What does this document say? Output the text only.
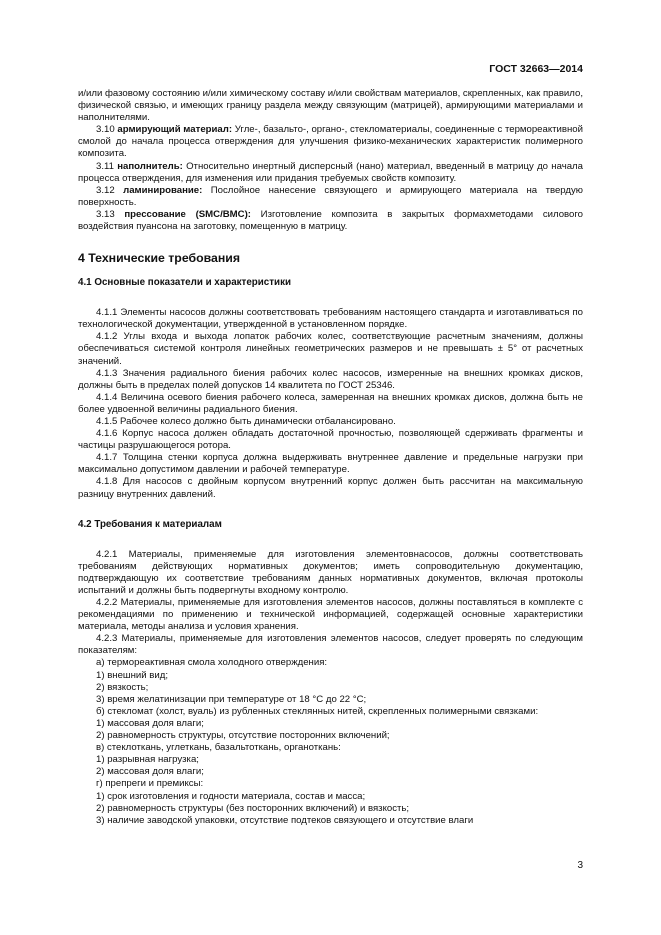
ГОСТ 32663—2014

и/или фазовому состоянию и/или химическому составу и/или свойствам материалов, скрепленных, как правило, физической связью, и имеющих границу раздела между связующим (матрицей), армирующими материалами и наполнителями.

3.10 армирующий материал: Угле-, базальто-, органо-, стекломатериалы, соединенные с термореактивной смолой до начала процесса отверждения для улучшения физико-механических характеристик полимерного композита.

3.11 наполнитель: Относительно инертный дисперсный (нано) материал, введенный в матрицу до начала процесса отверждения, для изменения или придания требуемых свойств композиту.

3.12 ламинирование: Послойное нанесение связующего и армирующего материала на твердую поверхность.

3.13 прессование (SMC/BMC): Изготовление композита в закрытых формахметодами силового воздействия пуансона на заготовку, помещенную в матрицу.

4 Технические требования
4.1 Основные показатели и характеристики

4.1.1 Элементы насосов должны соответствовать требованиям настоящего стандарта и изготавливаться по технологической документации, утвержденной в установленном порядке.

4.1.2 Углы входа и выхода лопаток рабочих колес, соответствующие расчетным значениям, должны обеспечиваться системой контроля линейных геометрических размеров и не превышать ± 5° от расчетных значений.

4.1.3 Значения радиального биения рабочих колес насосов, измеренные на внешних кромках дисков, должны быть в пределах полей допусков 14 квалитета по ГОСТ 25346.

4.1.4 Величина осевого биения рабочего колеса, замеренная на внешних кромках дисков, должна быть не более удвоенной величины радиального биения.

4.1.5 Рабочее колесо должно быть динамически отбалансировано.

4.1.6 Корпус насоса должен обладать достаточной прочностью, позволяющей сдерживать фрагменты и частицы разрушающегося ротора.

4.1.7 Толщина стенки корпуса должна выдерживать внутреннее давление и предельные нагрузки при максимально допустимом давлении и рабочей температуре.

4.1.8 Для насосов с двойным корпусом внутренний корпус должен быть рассчитан на максимальную разницу внутренних давлений.

4.2 Требования к материалам

4.2.1 Материалы, применяемые для изготовления элементовнасосов, должны соответствовать требованиям действующих нормативных документов; иметь сопроводительную документацию, подтверждающую их соответствие требованиям данных нормативных документов, включая протоколы испытаний и должны быть подвергнуты входному контролю.

4.2.2 Материалы, применяемые для изготовления элементов насосов, должны поставляться в комплекте с рекомендациями по применению и технической информацией, содержащей основные характеристики материала, методы анализа и условия хранения.

4.2.3 Материалы, применяемые для изготовления элементов насосов, следует проверять по следующим показателям:

а) термореактивная смола холодного отверждения:

1) внешний вид;

2) вязкость;

3) время желатинизации при температуре от 18 °С до 22 °С;

б) стекломат (холст, вуаль) из рубленных стеклянных нитей, скрепленных полимерными связками:

1) массовая доля влаги;

2) равномерность структуры, отсутствие посторонних включений;

в) стеклоткань, углеткань, базальтоткань, органоткань:

1) разрывная нагрузка;

2) массовая доля влаги;

г) препреги и премиксы:

1) срок изготовления и годности материала, состав и масса;

2) равномерность структуры (без посторонних включений) и вязкость;

3) наличие заводской упаковки, отсутствие подтеков связующего и отсутствие влаги

3
